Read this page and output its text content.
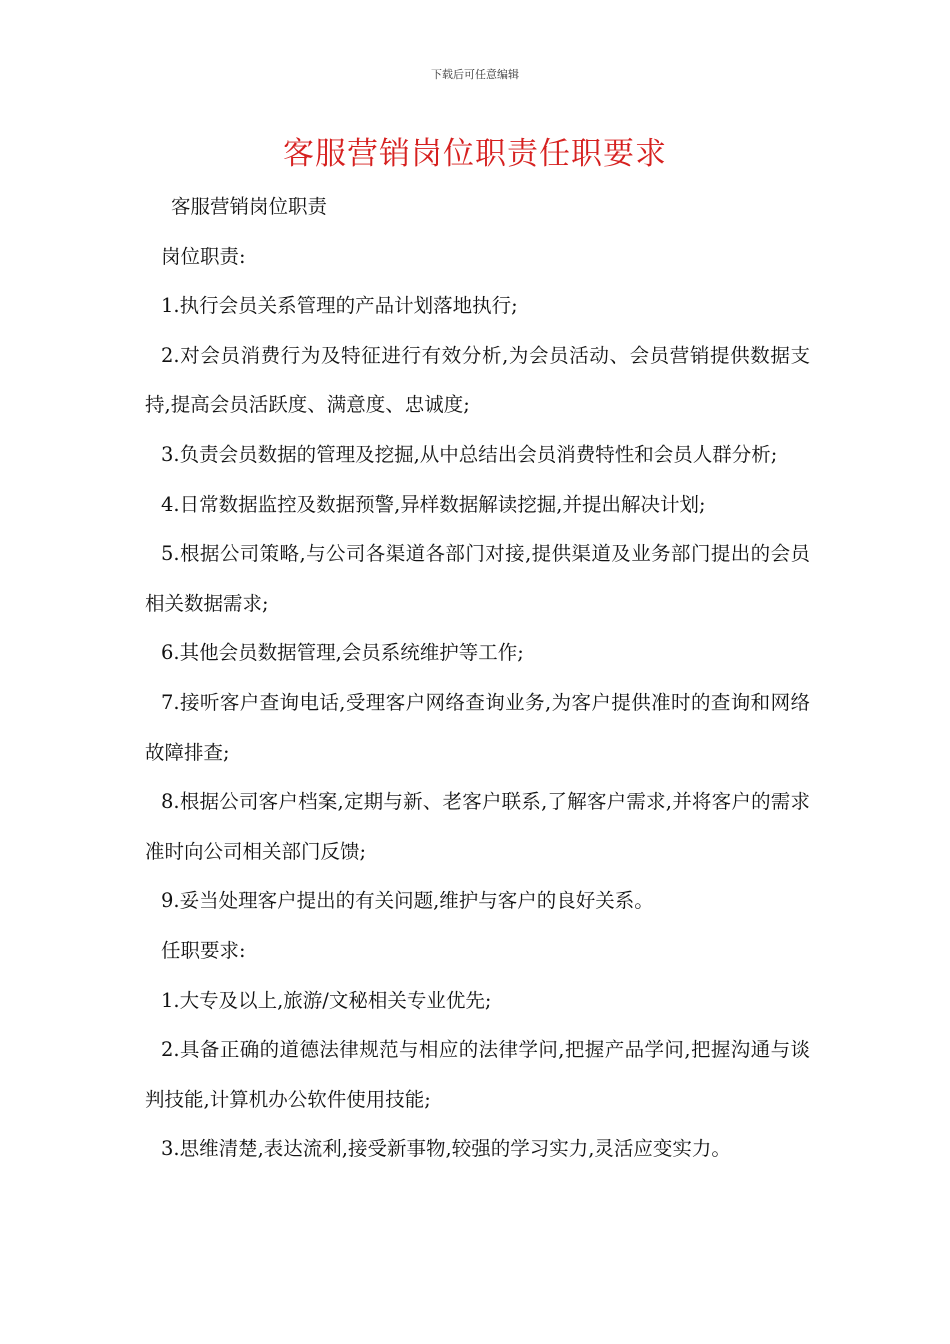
下载后可任意编辑
客服营销岗位职责任职要求

客服营销岗位职责

岗位职责:

1.执行会员关系管理的产品计划落地执行;

2.对会员消费行为及特征进行有效分析,为会员活动、会员营销提供数据支持,提高会员活跃度、满意度、忠诚度;

3.负责会员数据的管理及挖掘,从中总结出会员消费特性和会员人群分析;

4.日常数据监控及数据预警,异样数据解读挖掘,并提出解决计划;

5.根据公司策略,与公司各渠道各部门对接,提供渠道及业务部门提出的会员相关数据需求;

6.其他会员数据管理,会员系统维护等工作;

7.接听客户查询电话,受理客户网络查询业务,为客户提供准时的查询和网络故障排查;

8.根据公司客户档案,定期与新、老客户联系,了解客户需求,并将客户的需求准时向公司相关部门反馈;

9.妥当处理客户提出的有关问题,维护与客户的良好关系。

任职要求:

1.大专及以上,旅游/文秘相关专业优先;

2.具备正确的道德法律规范与相应的法律学问,把握产品学问,把握沟通与谈判技能,计算机办公软件使用技能;

3.思维清楚,表达流利,接受新事物,较强的学习实力,灵活应变实力。
